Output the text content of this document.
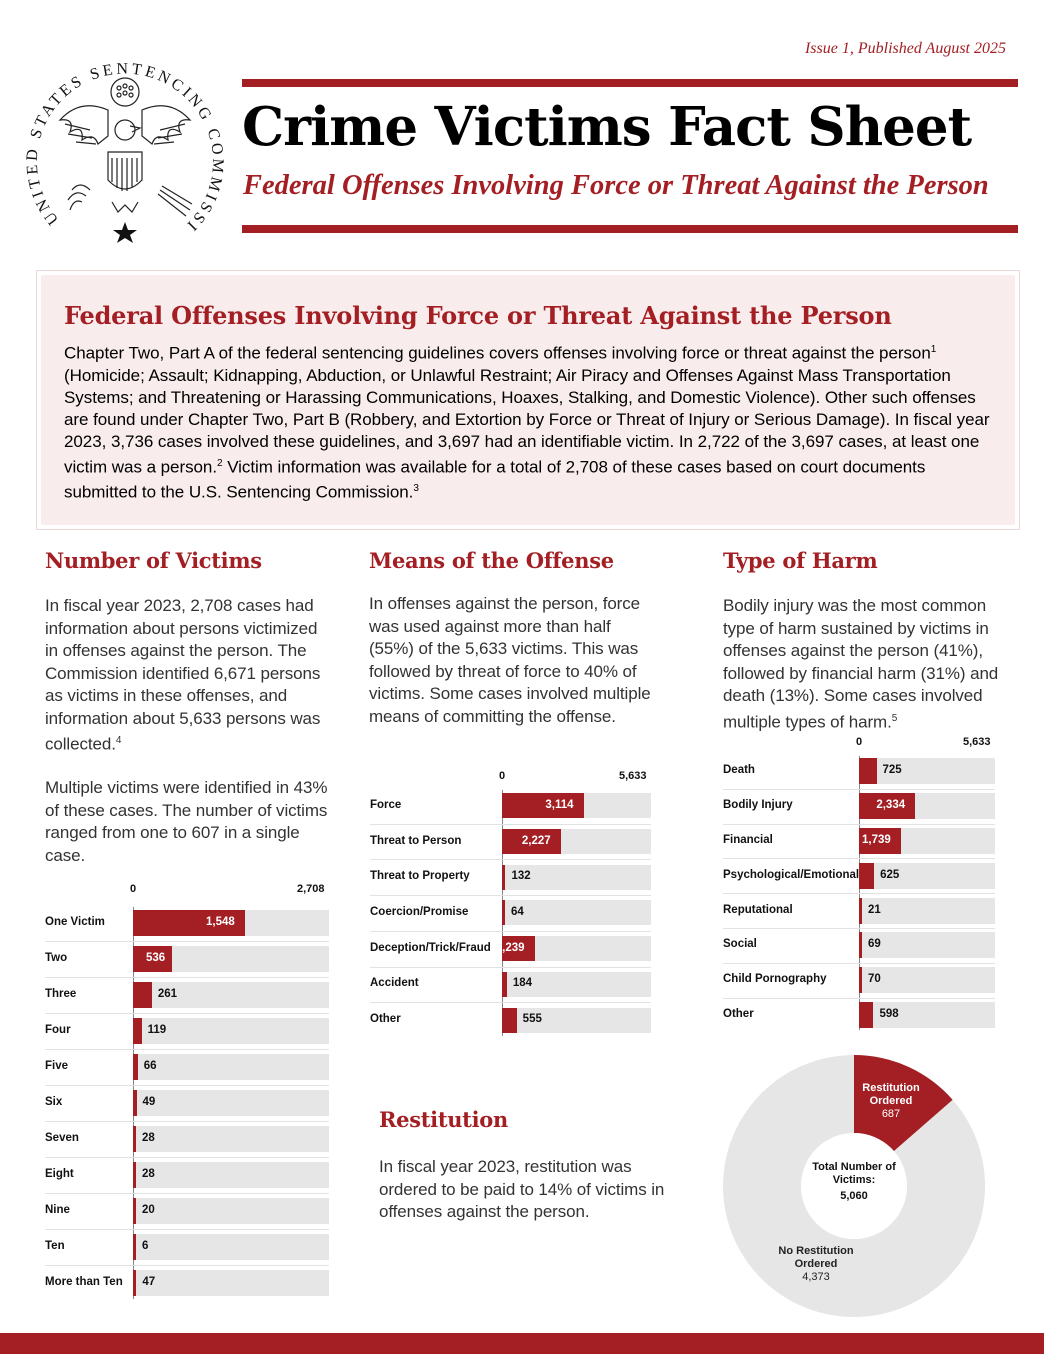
UNITED STATES SENTENCING COMMISSI
Issue 1, Published August 2025
Crime Victims Fact Sheet
Federal Offenses Involving Force or Threat Against the Person
Federal Offenses Involving Force or Threat Against the Person

Chapter Two, Part A of the federal sentencing guidelines covers offenses involving force or threat against the person$^1$ (Homicide; Assault; Kidnapping, Abduction, or Unlawful Restraint; Air Piracy and Offenses Against Mass Transportation Systems; and Threatening or Harassing Communications, Hoaxes, Stalking, and Domestic Violence). Other such offenses are found under Chapter Two, Part B (Robbery, and Extortion by Force or Threat of Injury or Serious Damage). In fiscal year 2023, 3,736 cases involved these guidelines, and 3,697 had an identifiable victim. In 2,722 of the 3,697 cases, at least one victim was a person.$^2$ Victim information was available for a total of 2,708 of these cases based on court documents submitted to the U.S. Sentencing Commission.$^3$

Number of Victims
In fiscal year 2023, 2,708 cases had information about persons victimized in offenses against the person. The Commission identified 6,671 persons as victims in these offenses, and information about 5,633 persons was collected.$^4$
Multiple victims were identified in 43% of these cases. The number of victims ranged from one to 607 in a single case.
0	2,708
One Victim	1,548
Two	536
Three	261
Four	119
Five	66
Six	49
Seven	28
Eight	28
Nine	20
Ten	6
More than Ten 47
Means of the Offense
In offenses against the person, force was used against more than half (55%) of the 5,633 victims. This was followed by threat of force to 40% of victims. Some cases involved multiple means of committing the offense.
0	5,633
Force	3,114
Threat to Person	2,227
Threat to Property	132
Coercion/Promise	64
Deception/Trick/Fraud 1,239
Accident	184
Other	555
Type of Harm
Bodily injury was the most common type of harm sustained by victims in offenses against the person (41%), followed by financial harm (31%) and death (13%). Some cases involved multiple types of harm.$^5$
0	5,633
Death	725
Bodily Injury	2,334
Financial	1,739
Psychological/Emotional 625
Reputational	21
Social	69
Child Pornography	70
Other	598
Restitution
In fiscal year 2023, restitution was ordered to be paid to 14% of victims in offenses against the person.
Restitution Ordered
687
Total Number of Victims:
5,060
No Restitution Ordered
4,373
